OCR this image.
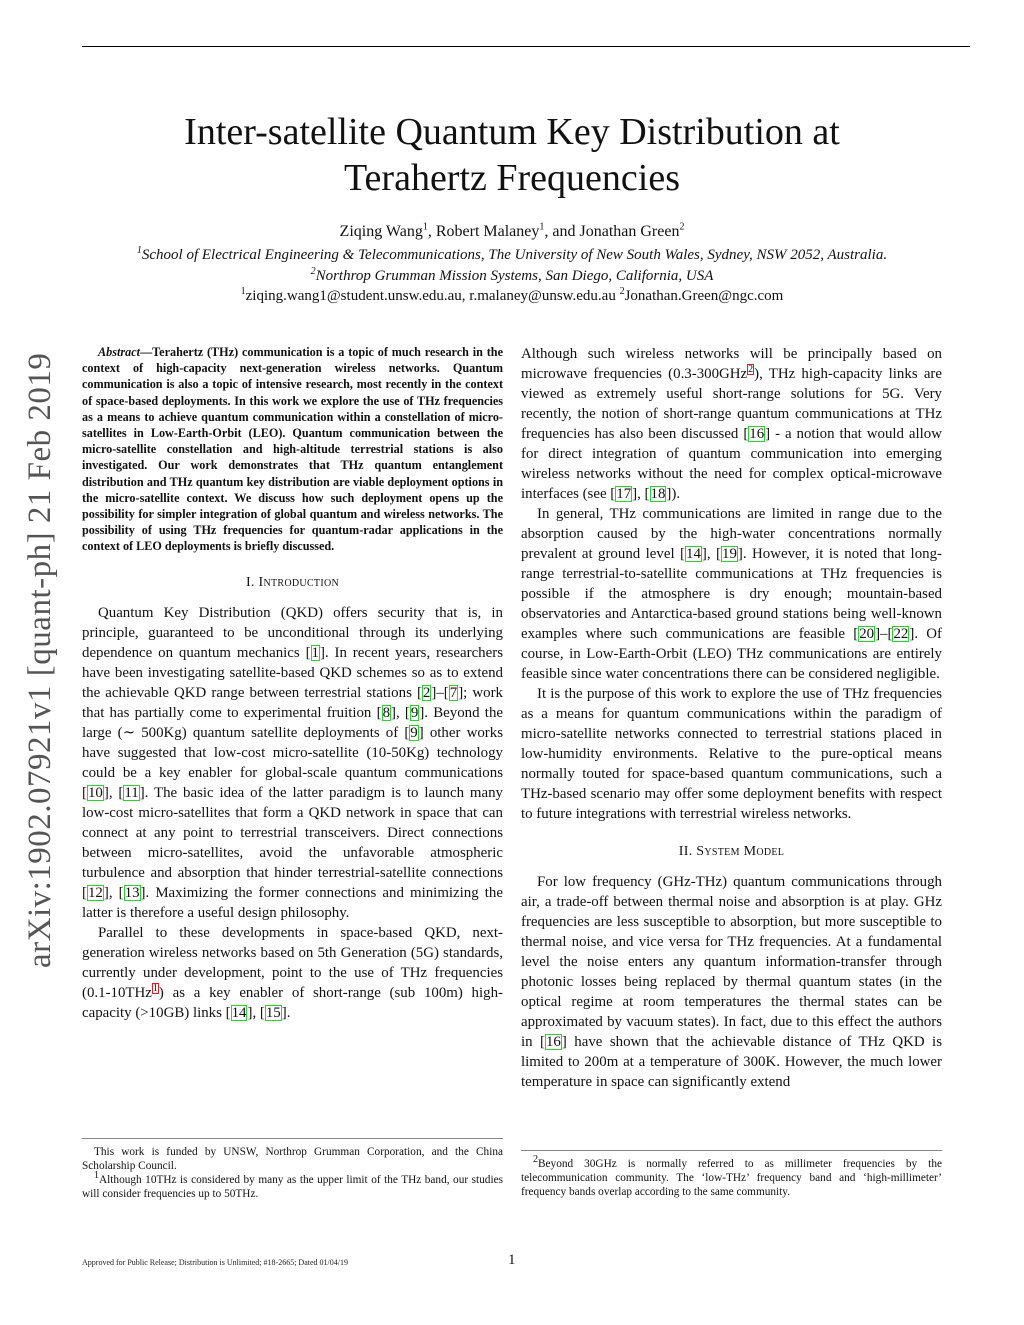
Inter-satellite Quantum Key Distribution at
Terahertz Frequencies
Ziqing Wang$^1$, Robert Malaney$^1$, and Jonathan Green$^2$
$^1$School of Electrical Engineering & Telecommunications, The University of New South Wales, Sydney, NSW 2052, Australia.
$^2$Northrop Grumman Mission Systems, San Diego, California, USA
$^1$ziqing.wang1@student.unsw.edu.au, r.malaney@unsw.edu.au $^2$Jonathan.Green@ngc.com
arXiv:1902.07921v1 [quant-ph] 21 Feb 2019

Abstract—Terahertz (THz) communication is a topic of much research in the context of high-capacity next-generation wireless networks. Quantum communication is also a topic of intensive research, most recently in the context of space-based deployments. In this work we explore the use of THz frequencies as a means to achieve quantum communication within a constellation of micro-satellites in Low-Earth-Orbit (LEO). Quantum communication between the micro-satellite constellation and high-altitude terrestrial stations is also investigated. Our work demonstrates that THz quantum entanglement distribution and THz quantum key distribution are viable deployment options in the micro-satellite context. We discuss how such deployment opens up the possibility for simpler integration of global quantum and wireless networks. The possibility of using THz frequencies for quantum-radar applications in the context of LEO deployments is briefly discussed.

I. Introduction

Quantum Key Distribution (QKD) offers security that is, in principle, guaranteed to be unconditional through its underlying dependence on quantum mechanics [1]. In recent years, researchers have been investigating satellite-based QKD schemes so as to extend the achievable QKD range between terrestrial stations [2]–[7]; work that has partially come to experimental fruition [8], [9]. Beyond the large (∼ 500Kg) quantum satellite deployments of [9] other works have suggested that low-cost micro-satellite (10-50Kg) technology could be a key enabler for global-scale quantum communications [10], [11]. The basic idea of the latter paradigm is to launch many low-cost micro-satellites that form a QKD network in space that can connect at any point to terrestrial transceivers. Direct connections between micro-satellites, avoid the unfavorable atmospheric turbulence and absorption that hinder terrestrial-satellite connections [12], [13]. Maximizing the former connections and minimizing the latter is therefore a useful design philosophy.

Parallel to these developments in space-based QKD, next-generation wireless networks based on 5th Generation (5G) standards, currently under development, point to the use of THz frequencies (0.1-10THz$^1$) as a key enabler of short-range (sub 100m) high-capacity (>10GB) links [14], [15].

This work is funded by UNSW, Northrop Grumman Corporation, and the China Scholarship Council.

$^1$Although 10THz is considered by many as the upper limit of the THz band, our studies will consider frequencies up to 50THz.

Although such wireless networks will be principally based on microwave frequencies (0.3-300GHz$^2$), THz high-capacity links are viewed as extremely useful short-range solutions for 5G. Very recently, the notion of short-range quantum communications at THz frequencies has also been discussed [16] - a notion that would allow for direct integration of quantum communication into emerging wireless networks without the need for complex optical-microwave interfaces (see [17], [18]).

In general, THz communications are limited in range due to the absorption caused by the high-water concentrations normally prevalent at ground level [14], [19]. However, it is noted that long-range terrestrial-to-satellite communications at THz frequencies is possible if the atmosphere is dry enough; mountain-based observatories and Antarctica-based ground stations being well-known examples where such communications are feasible [20]–[22]. Of course, in Low-Earth-Orbit (LEO) THz communications are entirely feasible since water concentrations there can be considered negligible.

It is the purpose of this work to explore the use of THz frequencies as a means for quantum communications within the paradigm of micro-satellite networks connected to terrestrial stations placed in low-humidity environments. Relative to the pure-optical means normally touted for space-based quantum communications, such a THz-based scenario may offer some deployment benefits with respect to future integrations with terrestrial wireless networks.

II. System Model

For low frequency (GHz-THz) quantum communications through air, a trade-off between thermal noise and absorption is at play. GHz frequencies are less susceptible to absorption, but more susceptible to thermal noise, and vice versa for THz frequencies. At a fundamental level the noise enters any quantum information-transfer through photonic losses being replaced by thermal quantum states (in the optical regime at room temperatures the thermal states can be approximated by vacuum states). In fact, due to this effect the authors in [16] have shown that the achievable distance of THz QKD is limited to 200m at a temperature of 300K. However, the much lower temperature in space can significantly extend

$^2$Beyond 30GHz is normally referred to as millimeter frequencies by the telecommunication community. The ‘low-THz’ frequency band and ‘high-millimeter’ frequency bands overlap according to the same community.

Approved for Public Release; Distribution is Unlimited; #18-2665; Dated 01/04/19	1
